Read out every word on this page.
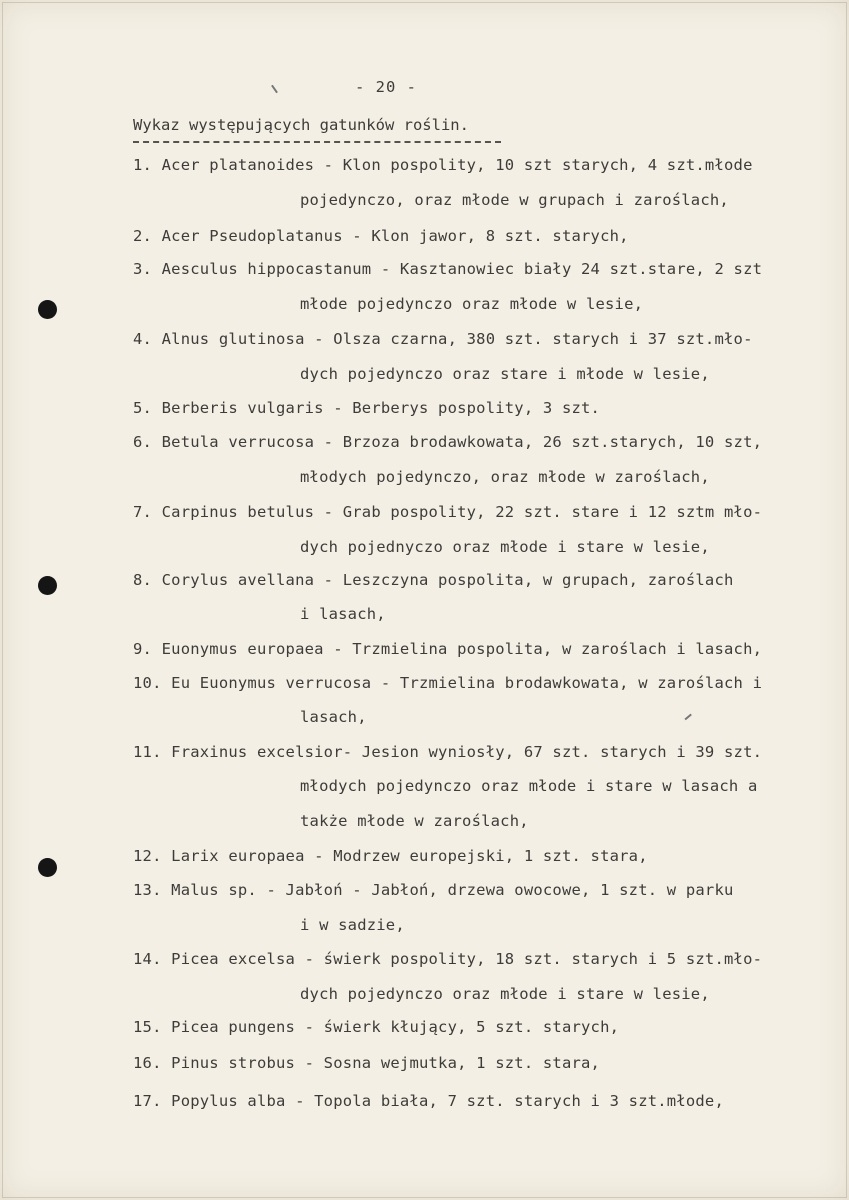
- 20 -
Wykaz występujących gatunków roślin.
1. Acer platanoides - Klon pospolity, 10 szt starych, 4 szt.młode
pojedynczo, oraz młode w grupach i zaroślach,
2. Acer Pseudoplatanus - Klon jawor, 8 szt. starych,
3. Aesculus hippocastanum - Kasztanowiec biały 24 szt.stare, 2 szt
młode pojedynczo oraz młode w lesie,
4. Alnus glutinosa - Olsza czarna, 380 szt. starych i 37 szt.mło-
dych pojedynczo oraz stare i młode w lesie,
5. Berberis vulgaris - Berberys pospolity, 3 szt.
6. Betula verrucosa - Brzoza brodawkowata, 26 szt.starych, 10 szt,
młodych pojedynczo, oraz młode w zaroślach,
7. Carpinus betulus - Grab pospolity, 22 szt. stare i 12 sztm mło-
dych pojednyczo oraz młode i stare w lesie,
8. Corylus avellana - Leszczyna pospolita, w grupach, zaroślach
i lasach,
9. Euonymus europaea - Trzmielina pospolita, w zaroślach i lasach,
10. Eu Euonymus verrucosa - Trzmielina brodawkowata, w zaroślach i
lasach,
11. Fraxinus excelsior- Jesion wyniosły, 67 szt. starych i 39 szt.
młodych pojedynczo oraz młode i stare w lasach a
także młode w zaroślach,
12. Larix europaea - Modrzew europejski, 1 szt. stara,
13. Malus sp. - Jabłoń - Jabłoń, drzewa owocowe, 1 szt. w parku
i w sadzie,
14. Picea excelsa - świerk pospolity, 18 szt. starych i 5 szt.mło-
dych pojedynczo oraz młode i stare w lesie,
15. Picea pungens - świerk kłujący, 5 szt. starych,
16. Pinus strobus - Sosna wejmutka, 1 szt. stara,
17. Popylus alba - Topola biała, 7 szt. starych i 3 szt.młode,
